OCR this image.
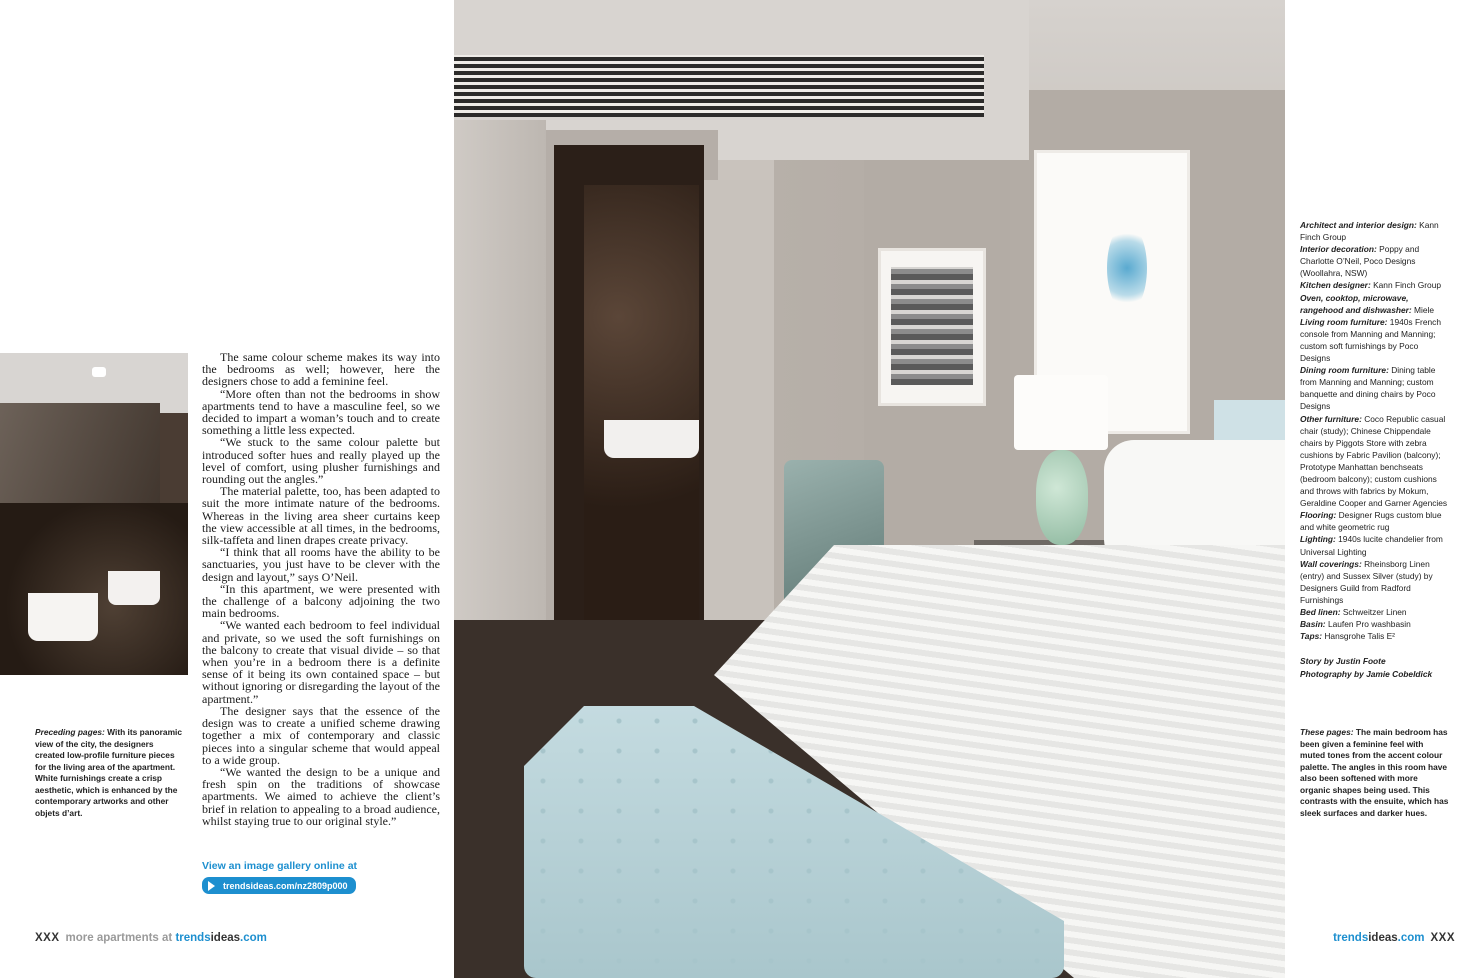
The same colour scheme makes its way into the bedrooms as well; however, here the designers chose to add a feminine feel.

“More often than not the bedrooms in show apartments tend to have a masculine feel, so we decided to impart a woman’s touch and to create something a little less expected.

“We stuck to the same colour palette but introduced softer hues and really played up the level of comfort, using plusher furnishings and rounding out the angles.”

The material palette, too, has been adapted to suit the more intimate nature of the bedrooms. Whereas in the living area sheer curtains keep the view accessible at all times, in the bedrooms, silk-taffeta and linen drapes create privacy.

“I think that all rooms have the ability to be sanctuaries, you just have to be clever with the design and layout,” says O’Neil.

“In this apartment, we were presented with the challenge of a balcony adjoining the two main bedrooms.

“We wanted each bedroom to feel individual and private, so we used the soft furnishings on the balcony to create that visual divide – so that when you’re in a bedroom there is a definite sense of it being its own contained space – but without ignoring or disregarding the layout of the apartment.”

The designer says that the essence of the design was to create a unified scheme drawing together a mix of contemporary and classic pieces into a singular scheme that would appeal to a wide group.

“We wanted the design to be a unique and fresh spin on the traditions of showcase apartments. We aimed to achieve the client’s brief in relation to appealing to a broad audience, whilst staying true to our original style.”

View an image gallery online at
trendsideas.com/nz2809p000
Preceding pages: With its panoramic view of the city, the designers created low-profile furniture pieces for the living area of the apartment. White furnishings create a crisp aesthetic, which is enhanced by the contemporary artworks and other objets d’art.
These pages: The main bedroom has been given a feminine feel with muted tones from the accent colour palette. The angles in this room have also been softened with more organic shapes being used. This contrasts with the ensuite, which has sleek surfaces and darker hues.
Architect and interior design: Kann Finch Group
Interior decoration: Poppy and Charlotte O’Neil, Poco Designs (Woollahra, NSW)
Kitchen designer: Kann Finch Group
Oven, cooktop, microwave, rangehood and dishwasher: Miele
Living room furniture: 1940s French console from Manning and Manning; custom soft furnishings by Poco Designs
Dining room furniture: Dining table from Manning and Manning; custom banquette and dining chairs by Poco Designs
Other furniture: Coco Republic casual chair (study); Chinese Chippendale chairs by Piggots Store with zebra cushions by Fabric Pavilion (balcony); Prototype Manhattan benchseats (bedroom balcony); custom cushions and throws with fabrics by Mokum, Geraldine Cooper and Garner Agencies
Flooring: Designer Rugs custom blue and white geometric rug
Lighting: 1940s lucite chandelier from Universal Lighting
Wall coverings: Rheinsborg Linen (entry) and Sussex Silver (study) by Designers Guild from Radford Furnishings
Bed linen: Schweitzer Linen
Basin: Laufen Pro washbasin
Taps: Hansgrohe Talis E²
Story by Justin Foote
Photography by Jamie Cobeldick
XXX more apartments at trendsideas.com	trendsideas.com XXX
